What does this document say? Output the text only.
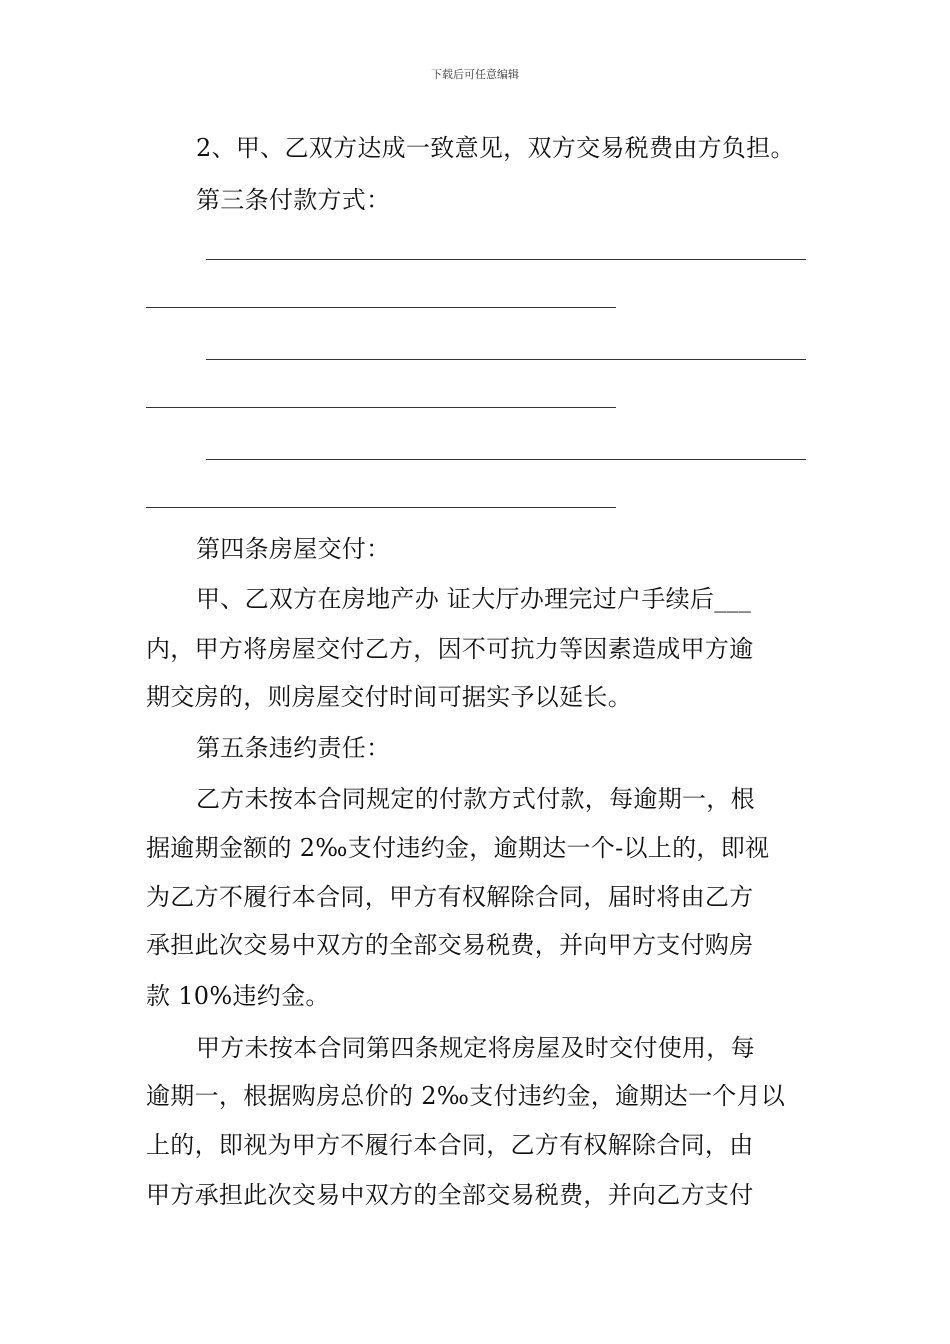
下载后可任意编辑
2、甲、乙双方达成一致意见，双方交易税费由方负担。
第三条付款方式：
第四条房屋交付：
甲、乙双方在房地产办 证大厅办理完过户手续后___
内，甲方将房屋交付乙方，因不可抗力等因素造成甲方逾
期交房的，则房屋交付时间可据实予以延长。
第五条违约责任：
乙方未按本合同规定的付款方式付款，每逾期一，根
据逾期金额的 2‰支付违约金，逾期达一个-以上的，即视
为乙方不履行本合同，甲方有权解除合同，届时将由乙方
承担此次交易中双方的全部交易税费，并向甲方支付购房
款 10%违约金。
甲方未按本合同第四条规定将房屋及时交付使用，每
逾期一，根据购房总价的 2‰支付违约金，逾期达一个月以
上的，即视为甲方不履行本合同，乙方有权解除合同，由
甲方承担此次交易中双方的全部交易税费，并向乙方支付
